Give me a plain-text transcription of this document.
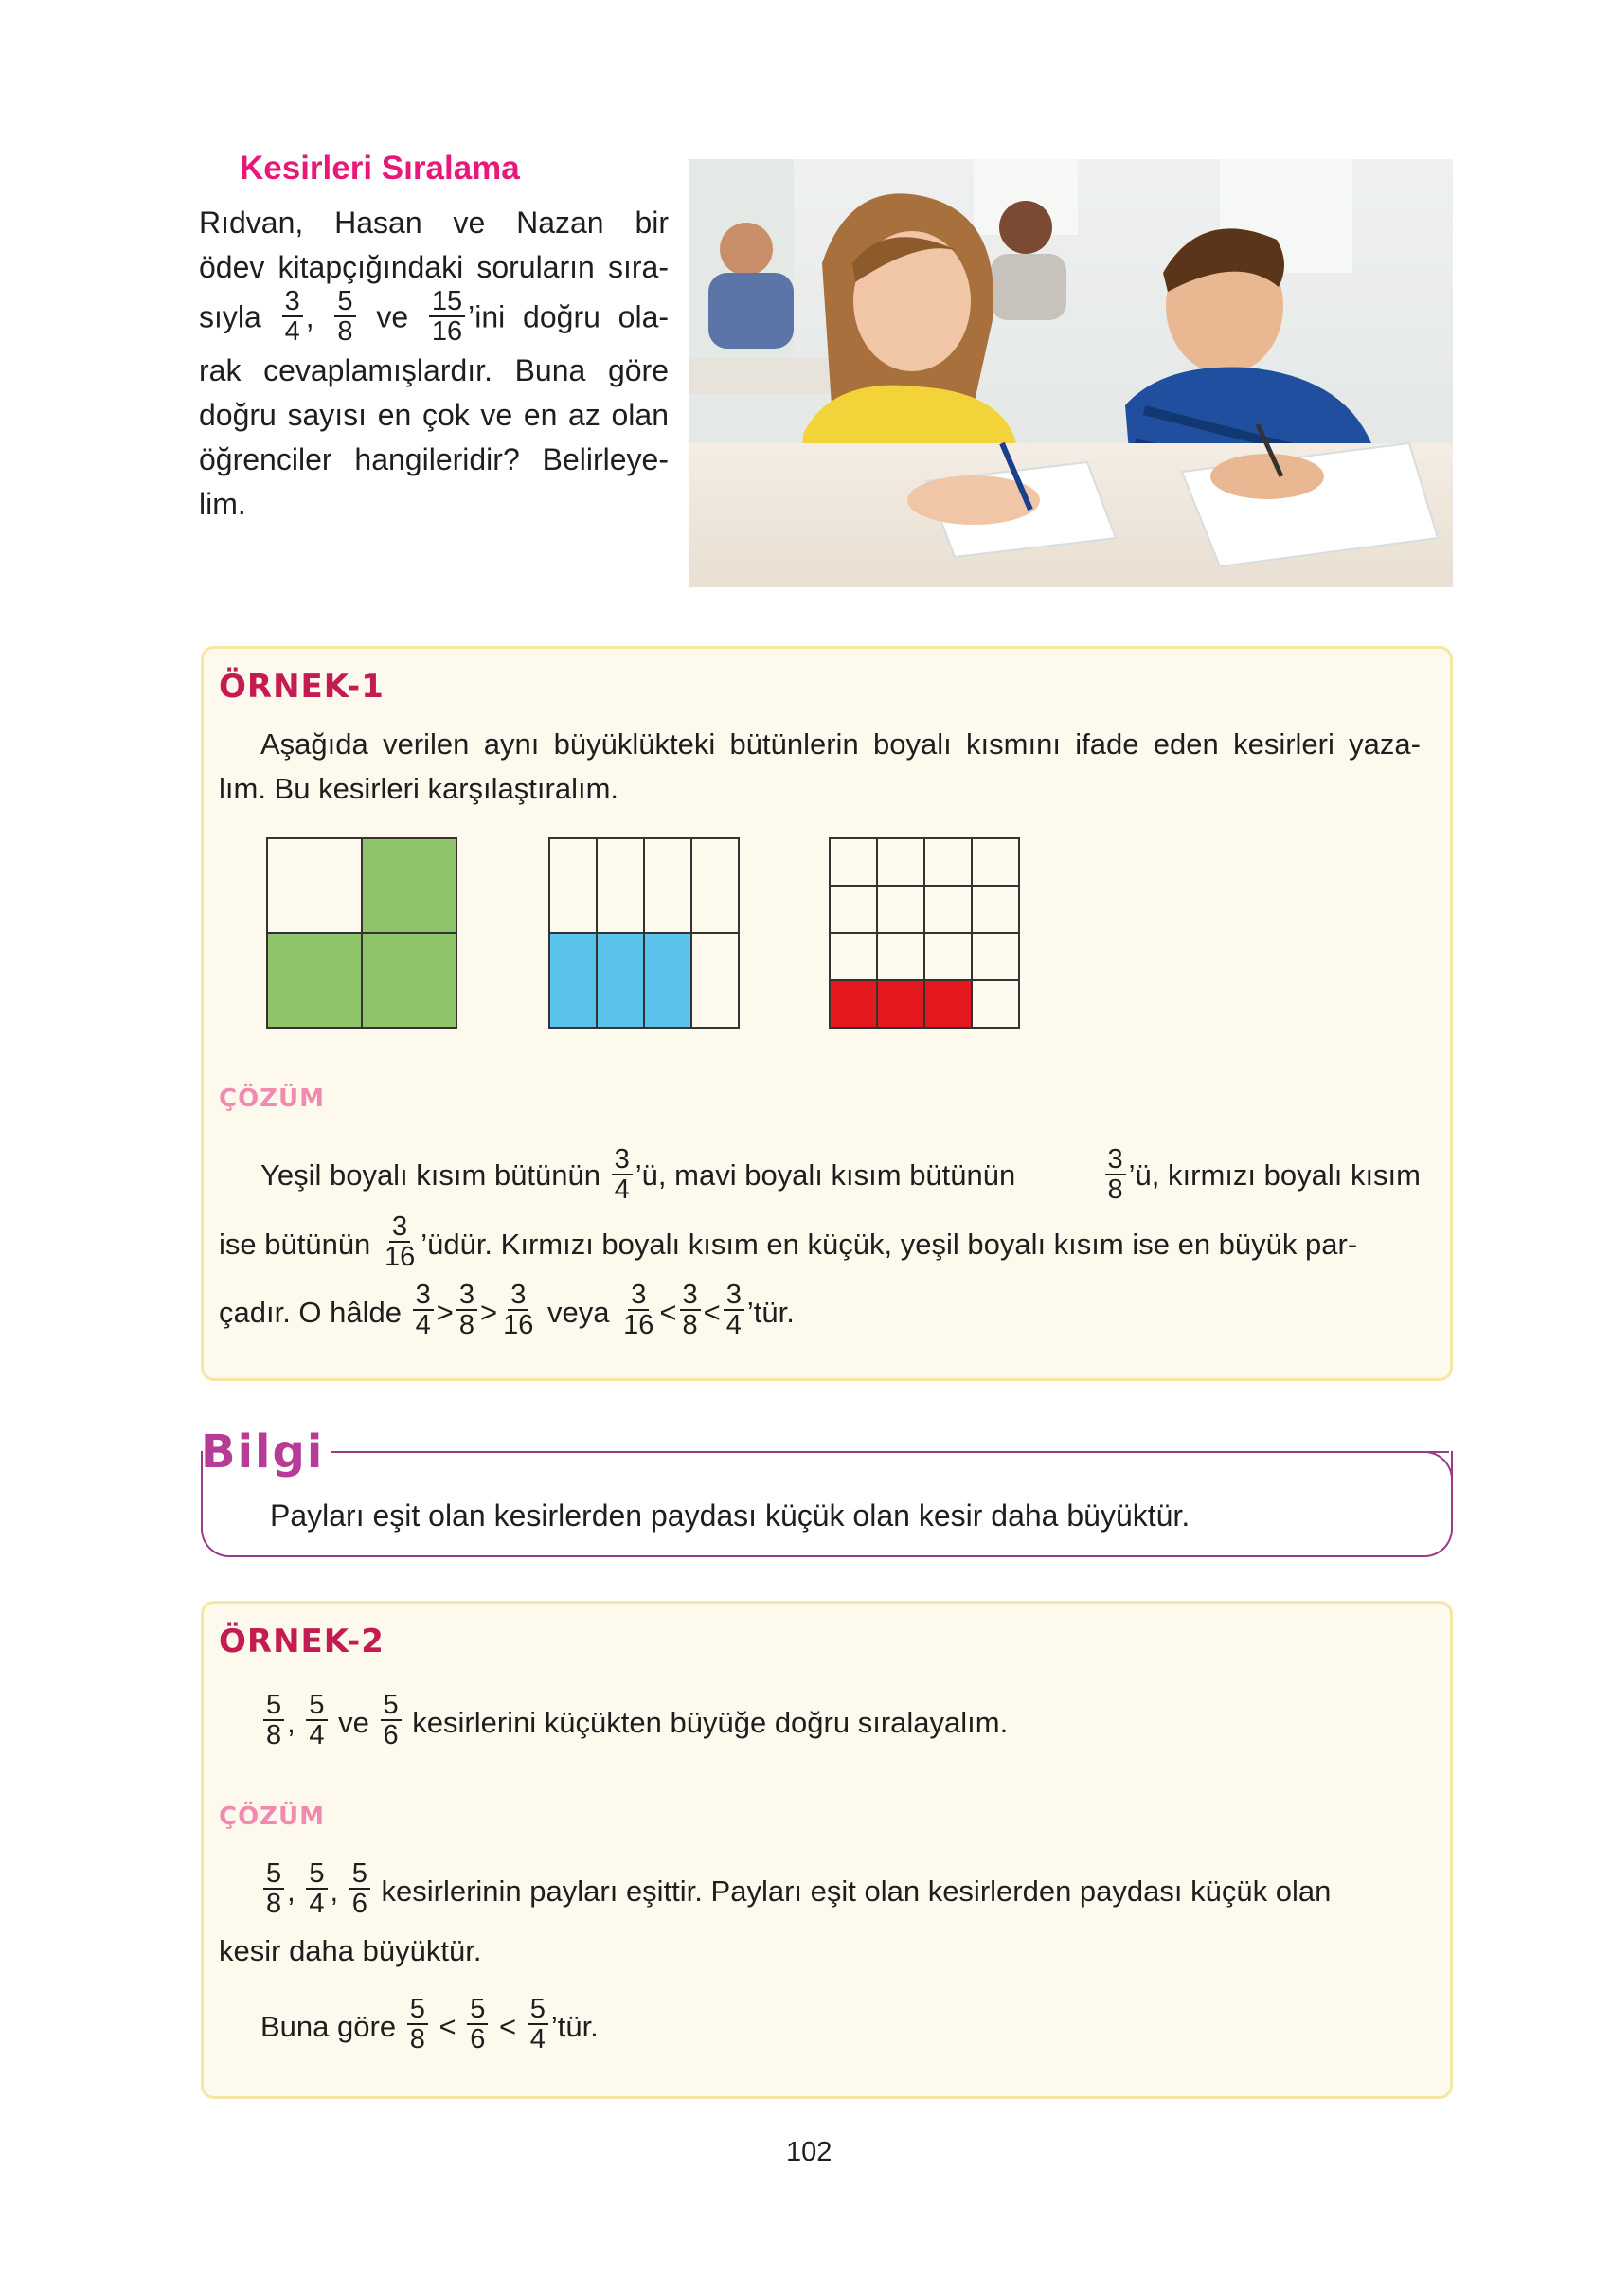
Kesirleri Sıralama

Rıdvan, Hasan ve Nazan bir

ödev kitapçığındaki soruların sıra-

sıyla $\frac{3}{4}$ , $\frac{5}{8}$ ve $\frac{15}{16}$ ’ini doğru ola-

rak cevaplamışlardır. Buna göre

doğru sayısı en çok ve en az olan

öğrenciler hangileridir? Belirleye-

lim.

ÖRNEK-1
Aşağıda verilen aynı büyüklükteki bütünlerin boyalı kısmını ifade eden kesirleri yaza-
lım. Bu kesirleri karşılaştıralım.
ÇÖZÜM
Yeşil boyalı kısım bütünün $\frac{3}{4}$ ’ü, mavi boyalı kısım bütünün	$\frac{3}{8}$ ’ü, kırmızı boyalı kısım
ise bütünün
$\frac{3}{16}$ ’üdür. Kırmızı boyalı kısım en küçük, yeşil boyalı kısım ise en büyük par-
çadır. O hâlde
$\frac{3}{4} > \frac{3}{8} > \frac{3}{16}$
veya
$\frac{3}{16} < \frac{3}{8} < \frac{3}{4}$ ’tür.
Bilgi
Payları eşit olan kesirlerden paydası küçük olan kesir daha büyüktür.
ÖRNEK-2
$\frac{5}{8}$ , $\frac{5}{4}$
ve
$\frac{5}{6}$
kesirlerini küçükten büyüğe doğru sıralayalım.
ÇÖZÜM
$\frac{5}{8}$ , $\frac{5}{4}$ , $\frac{5}{6}$
kesirlerinin payları eşittir. Payları eşit olan kesirlerden paydası küçük olan
kesir daha büyüktür.
Buna göre
$\frac{5}{8}$
<
$\frac{5}{6}$
<
$\frac{5}{4}$ ’tür.
102
